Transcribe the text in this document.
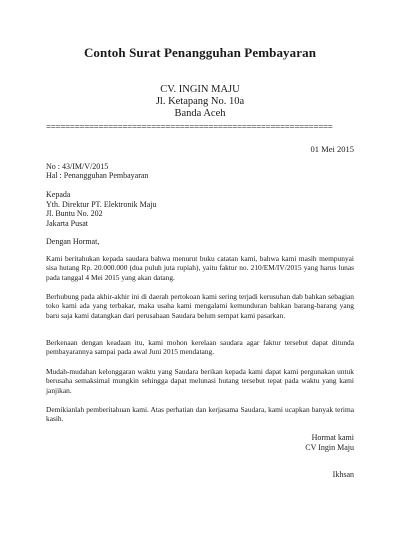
Contoh Surat Penangguhan Pembayaran
CV. INGIN MAJU
Jl. Ketapang No. 10a
Banda Aceh
============================================================
01 Mei 2015
No : 43/IM/V/2015
Hal : Penangguhan Pembayaran
Kepada
Yth. Direktur PT. Elektronik Maju
Jl. Buntu No. 202
Jakarta Pusat
Dengan Hormat,

Kami beritahukan kepada saudara bahwa menurut buku catatan kami, bahwa kami masih mempunyai sisa hutang Rp. 20.000.000 (dua puluh juta rupiah), yaitu faktur no. 210/EM/IV/2015 yang harus lunas pada tanggal 4 Mei 2015 yang akan datang.

Berhubung pada akhir-akhir ini di daerah pertokoan kami sering terjadi kerusuhan dab bahkan sebagian toko kami ada yang terbakar, maka usaha kami mengalami kemunduran bahkan barang-barang yang baru saja kami datangkan dari perusahaan Saudara belum sempat kami pasarkan.

Berkenaan dengan keadaan itu, kami mohon kerelaan saudara agar faktur tersebut dapat ditunda pembayarannya sampai pada awal Juni 2015 mendatang.

Mudah-mudahan kelonggaran waktu yang Saudara berikan kepada kami dapat kami pergunakan untuk berusaha semaksimal mungkin sehingga dapat melunasi hutang tersebut tepat pada waktu yang kami janjikan.

Demikianlah pemberitahuan kami. Atas perhatian dan kerjasama Saudara, kami ucapkan banyak terima kasih.

Hormat kami
CV Ingin Maju
Ikhsan
